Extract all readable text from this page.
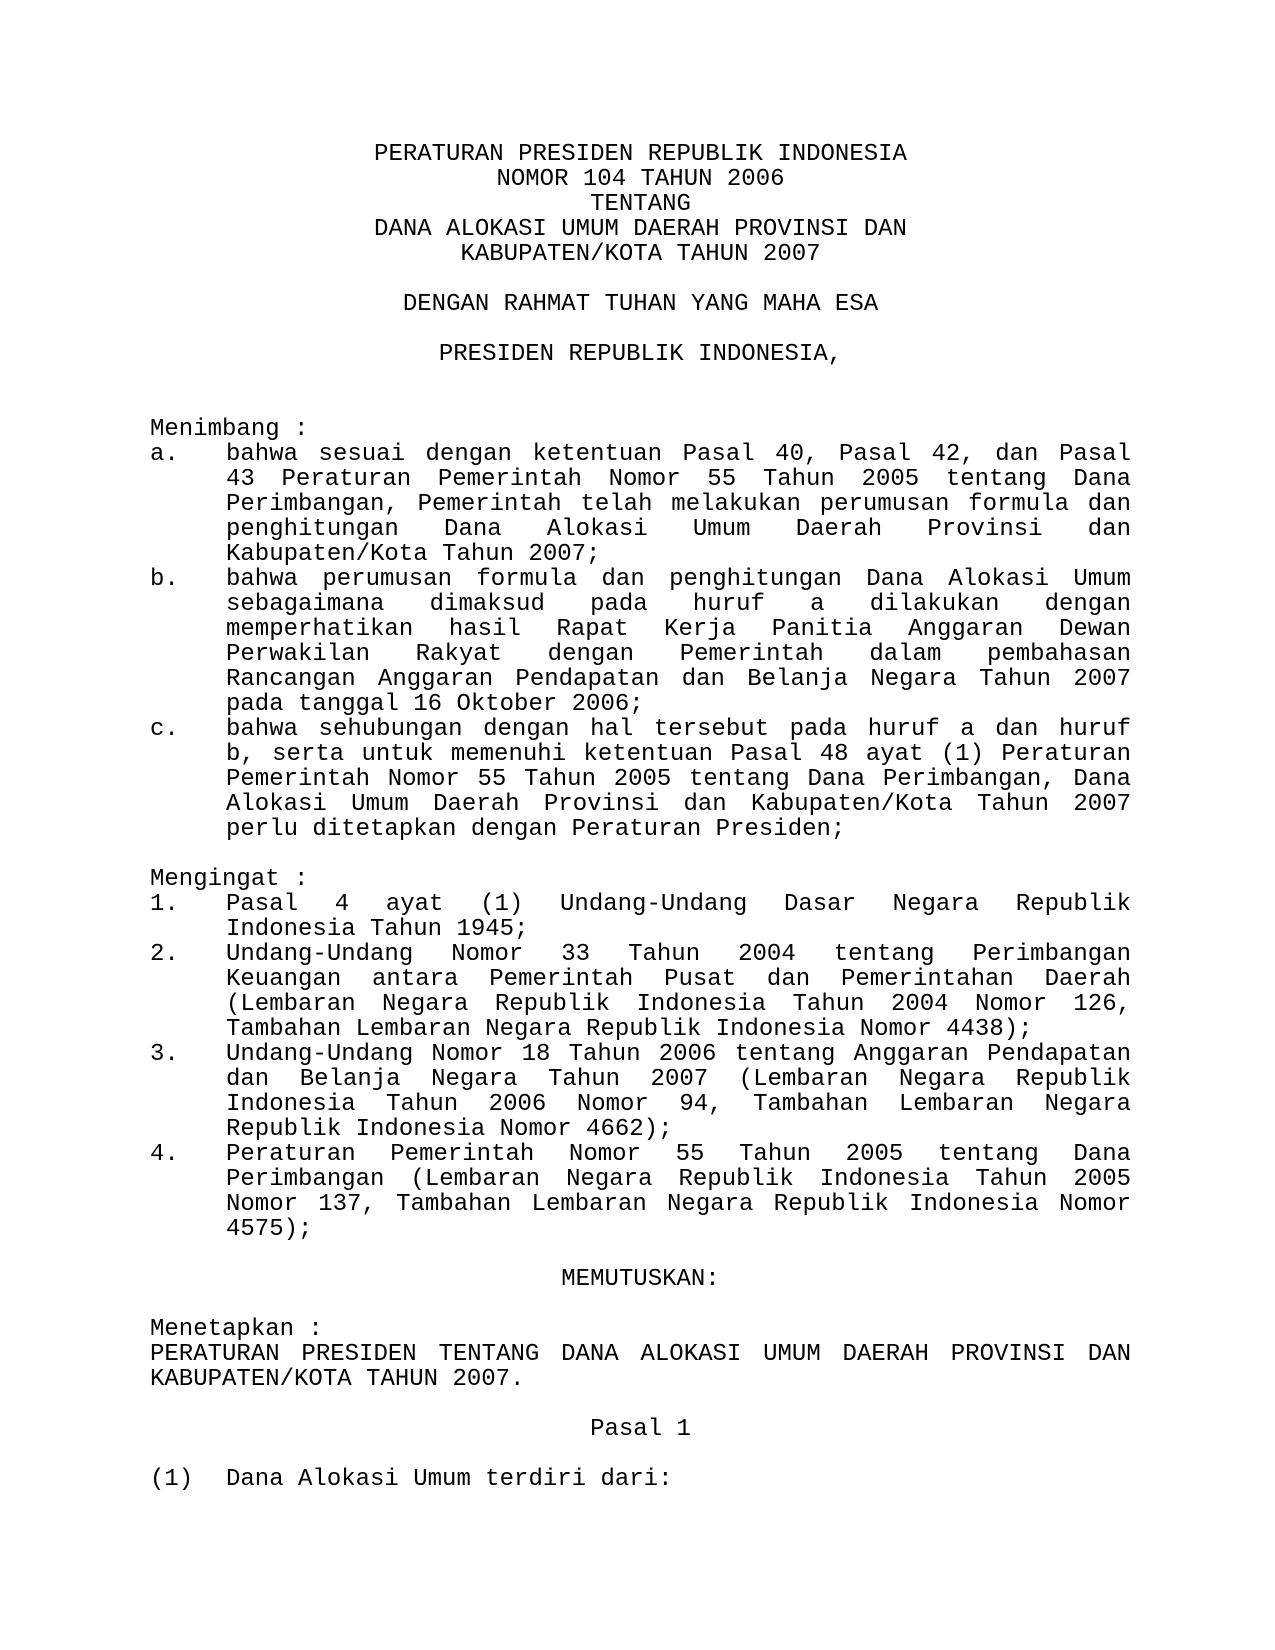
PERATURAN PRESIDEN REPUBLIK INDONESIA
NOMOR 104 TAHUN 2006
TENTANG
DANA ALOKASI UMUM DAERAH PROVINSI DAN
KABUPATEN/KOTA TAHUN 2007
DENGAN RAHMAT TUHAN YANG MAHA ESA
PRESIDEN REPUBLIK INDONESIA,
Menimbang :
a.	bahwa sesuai dengan ketentuan Pasal 40, Pasal 42, dan Pasal
43 Peraturan Pemerintah Nomor 55 Tahun 2005 tentang Dana
Perimbangan, Pemerintah telah melakukan perumusan formula dan
penghitungan Dana Alokasi Umum Daerah Provinsi dan
Kabupaten/Kota Tahun 2007;
b.	bahwa perumusan formula dan penghitungan Dana Alokasi Umum
sebagaimana dimaksud pada huruf a dilakukan dengan
memperhatikan hasil Rapat Kerja Panitia Anggaran Dewan
Perwakilan Rakyat dengan Pemerintah dalam pembahasan
Rancangan Anggaran Pendapatan dan Belanja Negara Tahun 2007
pada tanggal 16 Oktober 2006;
c.	bahwa sehubungan dengan hal tersebut pada huruf a dan huruf
b, serta untuk memenuhi ketentuan Pasal 48 ayat (1) Peraturan
Pemerintah Nomor 55 Tahun 2005 tentang Dana Perimbangan, Dana
Alokasi Umum Daerah Provinsi dan Kabupaten/Kota Tahun 2007
perlu ditetapkan dengan Peraturan Presiden;
Mengingat :
1.	Pasal 4 ayat (1) Undang-Undang Dasar Negara Republik
Indonesia Tahun 1945;
2.	Undang-Undang Nomor 33 Tahun 2004 tentang Perimbangan
Keuangan antara Pemerintah Pusat dan Pemerintahan Daerah
(Lembaran Negara Republik Indonesia Tahun 2004 Nomor 126,
Tambahan Lembaran Negara Republik Indonesia Nomor 4438);
3.	Undang-Undang Nomor 18 Tahun 2006 tentang Anggaran Pendapatan
dan Belanja Negara Tahun 2007 (Lembaran Negara Republik
Indonesia Tahun 2006 Nomor 94, Tambahan Lembaran Negara
Republik Indonesia Nomor 4662);
4.	Peraturan Pemerintah Nomor 55 Tahun 2005 tentang Dana
Perimbangan (Lembaran Negara Republik Indonesia Tahun 2005
Nomor 137, Tambahan Lembaran Negara Republik Indonesia Nomor
4575);
MEMUTUSKAN:
Menetapkan :
PERATURAN PRESIDEN TENTANG DANA ALOKASI UMUM DAERAH PROVINSI DAN
KABUPATEN/KOTA TAHUN 2007.
Pasal 1
(1)	Dana Alokasi Umum terdiri dari:
